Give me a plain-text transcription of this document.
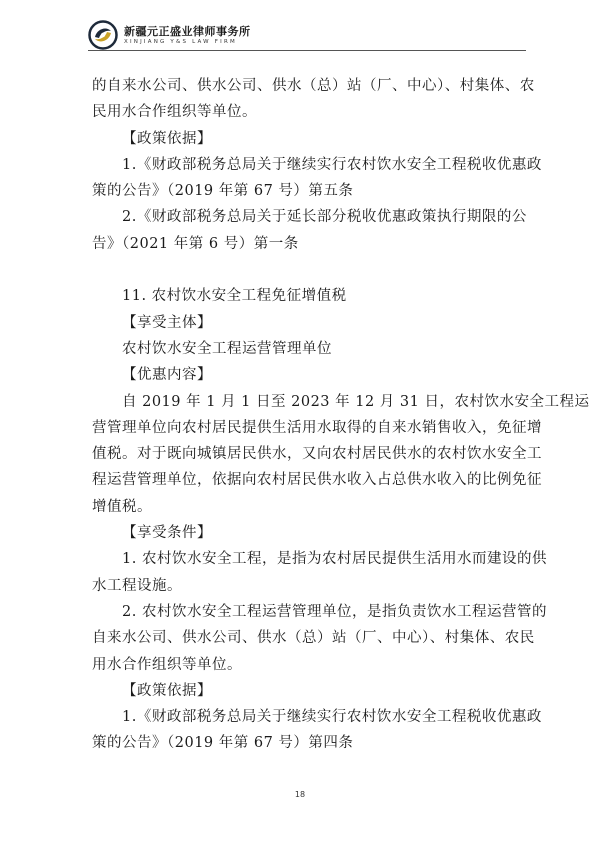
新疆元正盛业律师事务所
XINJIANG Y&S LAW FIRM
的自来水公司、供水公司、供水（总）站（厂、中心）、村集体、农
民用水合作组织等单位。
【政策依据】
1.《财政部税务总局关于继续实行农村饮水安全工程税收优惠政
策的公告》（2019 年第 67 号）第五条
2.《财政部税务总局关于延长部分税收优惠政策执行期限的公
告》（2021 年第 6 号）第一条
11. 农村饮水安全工程免征增值税
【享受主体】
农村饮水安全工程运营管理单位
【优惠内容】
自 2019 年 1 月 1 日至 2023 年 12 月 31 日，农村饮水安全工程运
营管理单位向农村居民提供生活用水取得的自来水销售收入，免征增
值税。对于既向城镇居民供水，又向农村居民供水的农村饮水安全工
程运营管理单位，依据向农村居民供水收入占总供水收入的比例免征
增值税。
【享受条件】
1. 农村饮水安全工程，是指为农村居民提供生活用水而建设的供
水工程设施。
2. 农村饮水安全工程运营管理单位，是指负责饮水工程运营管的
自来水公司、供水公司、供水（总）站（厂、中心）、村集体、农民
用水合作组织等单位。
【政策依据】
1.《财政部税务总局关于继续实行农村饮水安全工程税收优惠政
策的公告》（2019 年第 67 号）第四条
18
